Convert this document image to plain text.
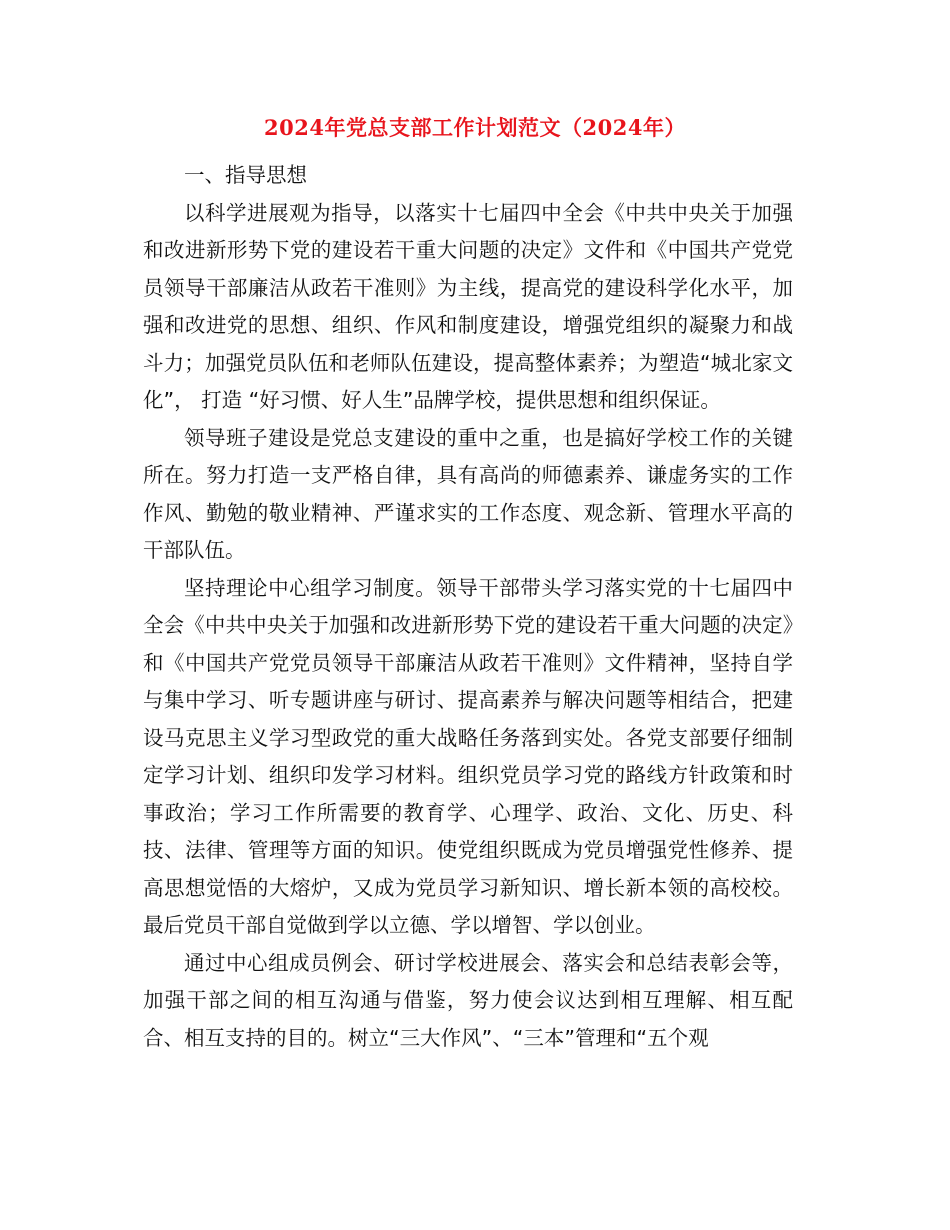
2024年党总支部工作计划范文（2024年）

一、指导思想

以科学进展观为指导，以落实十七届四中全会《中共中央关于加强和改进新形势下党的建设若干重大问题的决定》文件和《中国共产党党员领导干部廉洁从政若干准则》为主线，提高党的建设科学化水平，加强和改进党的思想、组织、作风和制度建设，增强党组织的凝聚力和战斗力；加强党员队伍和老师队伍建设，提高整体素养；为塑造“城北家文化”， 打造 “好习惯、好人生”品牌学校，提供思想和组织保证。

领导班子建设是党总支建设的重中之重，也是搞好学校工作的关键所在。努力打造一支严格自律，具有高尚的师德素养、谦虚务实的工作作风、勤勉的敬业精神、严谨求实的工作态度、观念新、管理水平高的干部队伍。

坚持理论中心组学习制度。领导干部带头学习落实党的十七届四中全会《中共中央关于加强和改进新形势下党的建设若干重大问题的决定》和《中国共产党党员领导干部廉洁从政若干准则》文件精神，坚持自学与集中学习、听专题讲座与研讨、提高素养与解决问题等相结合，把建设马克思主义学习型政党的重大战略任务落到实处。各党支部要仔细制定学习计划、组织印发学习材料。组织党员学习党的路线方针政策和时事政治；学习工作所需要的教育学、心理学、政治、文化、历史、科技、法律、管理等方面的知识。使党组织既成为党员增强党性修养、提高思想觉悟的大熔炉，又成为党员学习新知识、增长新本领的高校校。最后党员干部自觉做到学以立德、学以增智、学以创业。

通过中心组成员例会、研讨学校进展会、落实会和总结表彰会等，加强干部之间的相互沟通与借鉴，努力使会议达到相互理解、相互配合、相互支持的目的。树立“三大作风”、“三本”管理和“五个观
